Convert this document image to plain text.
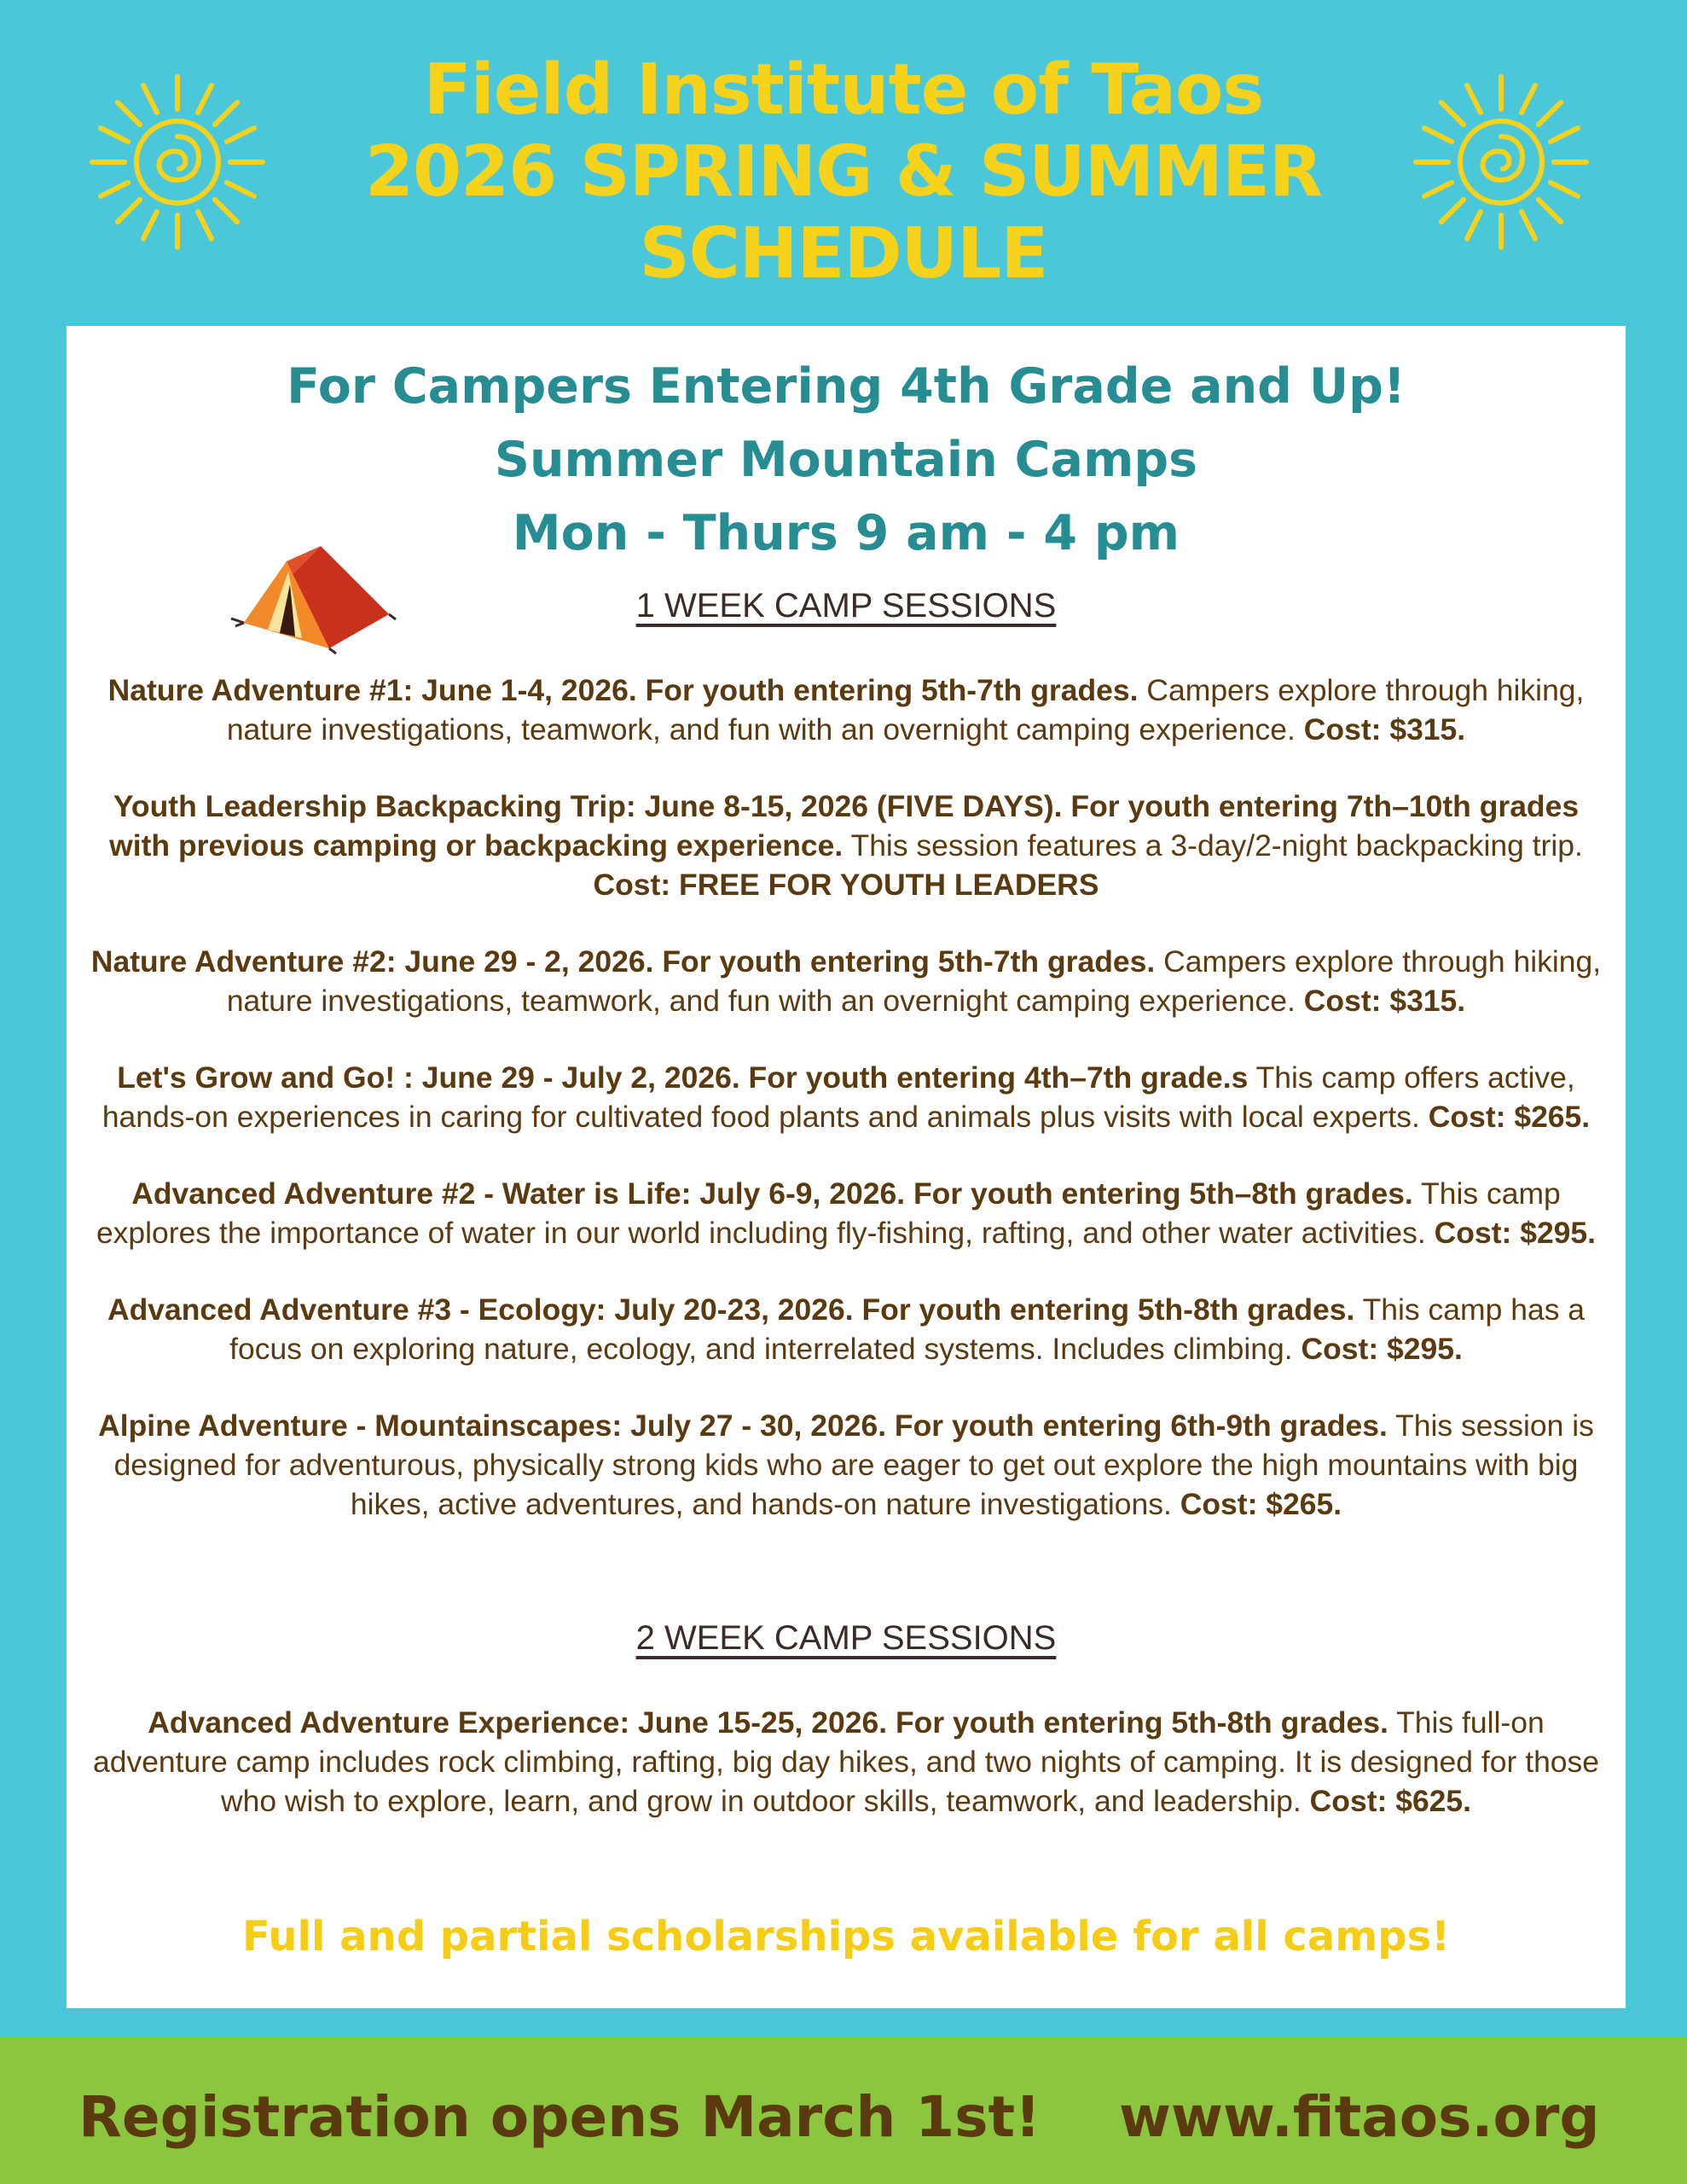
Field Institute of Taos
2026 SPRING & SUMMER
SCHEDULE
For Campers Entering 4th Grade and Up!
Summer Mountain Camps
Mon - Thurs 9 am - 4 pm
1 WEEK CAMP SESSIONS

Nature Adventure #1: June 1-4, 2026. For youth entering 5th-7th grades. Campers explore through hiking, nature investigations, teamwork, and fun with an overnight camping experience. Cost: $315.

Youth Leadership Backpacking Trip: June 8-15, 2026 (FIVE DAYS). For youth entering 7th–10th grades with previous camping or backpacking experience. This session features a 3-day/2-night backpacking trip. Cost: FREE FOR YOUTH LEADERS

Nature Adventure #2: June 29 - 2, 2026. For youth entering 5th-7th grades. Campers explore through hiking, nature investigations, teamwork, and fun with an overnight camping experience. Cost: $315.

Let's Grow and Go! : June 29 - July 2, 2026. For youth entering 4th–7th grade.s This camp offers active, hands-on experiences in caring for cultivated food plants and animals plus visits with local experts. Cost: $265.

Advanced Adventure #2 - Water is Life: July 6-9, 2026. For youth entering 5th–8th grades. This camp explores the importance of water in our world including fly-fishing, rafting, and other water activities. Cost: $295.

Advanced Adventure #3 - Ecology: July 20-23, 2026. For youth entering 5th-8th grades. This camp has a focus on exploring nature, ecology, and interrelated systems. Includes climbing. Cost: $295.

Alpine Adventure - Mountainscapes: July 27 - 30, 2026. For youth entering 6th-9th grades. This session is designed for adventurous, physically strong kids who are eager to get out explore the high mountains with big hikes, active adventures, and hands-on nature investigations. Cost: $265.

2 WEEK CAMP SESSIONS

Advanced Adventure Experience: June 15-25, 2026. For youth entering 5th-8th grades. This full-on adventure camp includes rock climbing, rafting, big day hikes, and two nights of camping. It is designed for those who wish to explore, learn, and grow in outdoor skills, teamwork, and leadership. Cost: $625.

Full and partial scholarships available for all camps!
Registration opens March 1st! www.fitaos.org
